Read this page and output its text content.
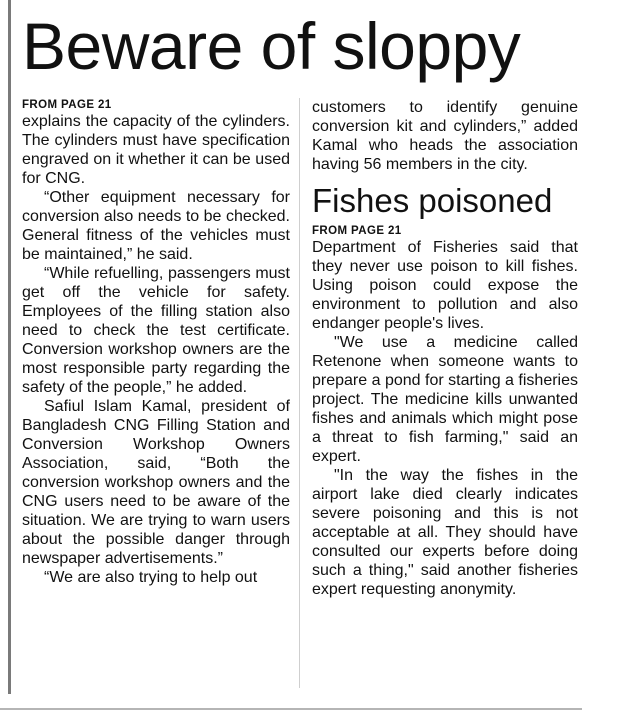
Beware of sloppy

FROM PAGE 21

explains the capacity of the cylinders. The cylinders must have specification engraved on it whether it can be used for CNG.

“Other equipment necessary for conversion also needs to be checked. General fitness of the vehicles must be maintained,” he said.

“While refuelling, passengers must get off the vehicle for safety. Employees of the filling station also need to check the test certificate. Conversion workshop owners are the most responsible party regarding the safety of the people,” he added.

Safiul Islam Kamal, president of Bangladesh CNG Filling Station and Conversion Workshop Owners Association, said, “Both the conversion workshop owners and the CNG users need to be aware of the situation. We are trying to warn users about the possible danger through newspaper advertisements.”

“We are also trying to help out

customers to identify genuine conversion kit and cylinders,” added Kamal who heads the association having 56 members in the city.

Fishes poisoned

FROM PAGE 21

Department of Fisheries said that they never use poison to kill fishes. Using poison could expose the environment to pollution and also endanger people's lives.

"We use a medicine called Retenone when someone wants to prepare a pond for starting a fisheries project. The medicine kills unwanted fishes and animals which might pose a threat to fish farming," said an expert.

"In the way the fishes in the airport lake died clearly indicates severe poisoning and this is not acceptable at all. They should have consulted our experts before doing such a thing," said another fisheries expert requesting anonymity.
